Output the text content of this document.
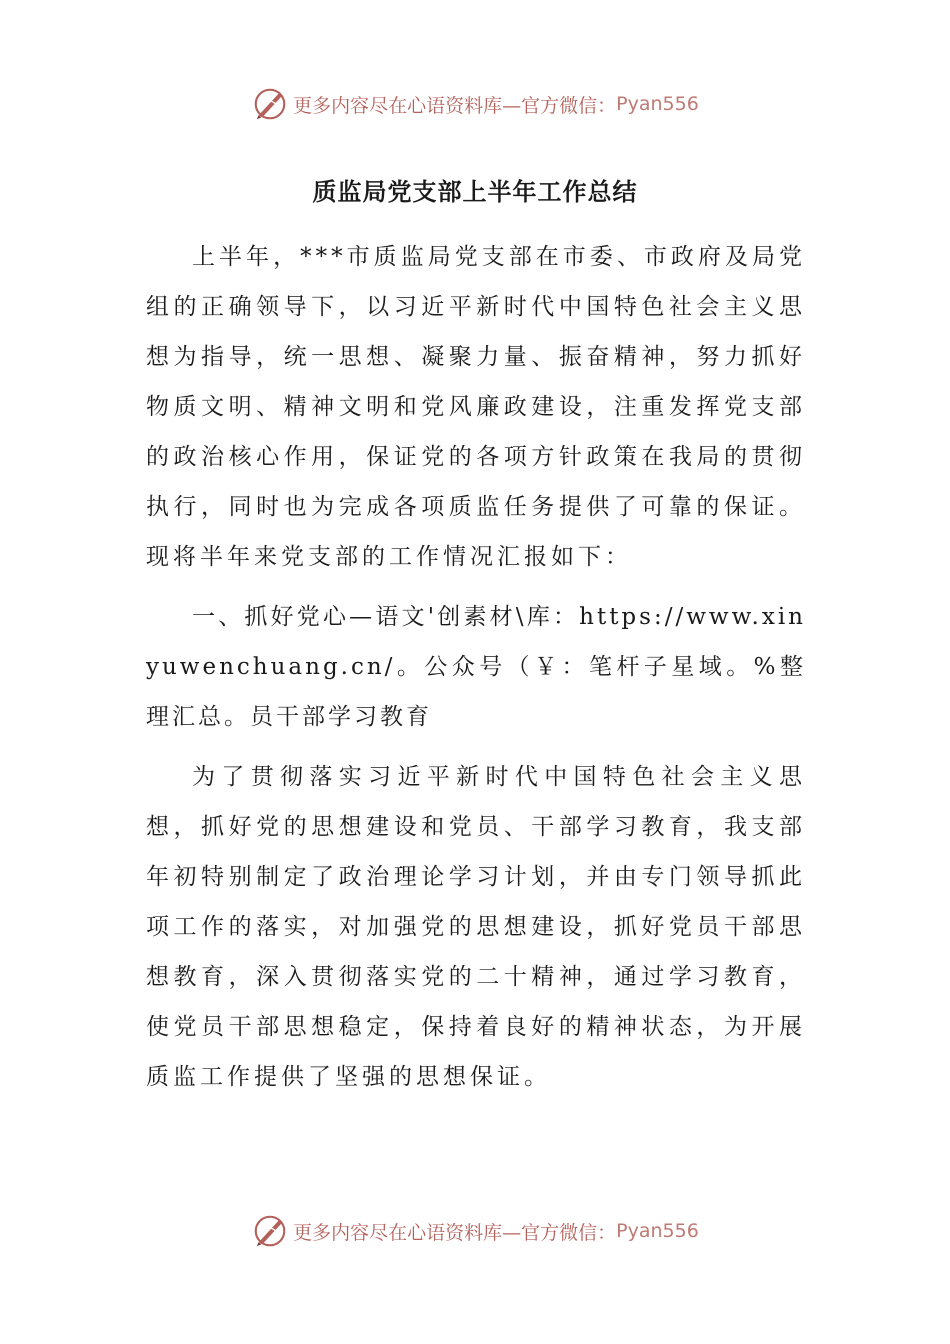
更多内容尽在心语资料库—官方微信： Pyan556
质监局党支部上半年工作总结

上半年，***市质监局党支部在市委、市政府及局党组的正确领导下，以习近平新时代中国特色社会主义思想为指导，统一思想、凝聚力量、振奋精神，努力抓好物质文明、精神文明和党风廉政建设，注重发挥党支部的政治核心作用，保证党的各项方针政策在我局的贯彻执行，同时也为完成各项质监任务提供了可靠的保证。现将半年来党支部的工作情况汇报如下：

一、抓好党心—语文'创素材\库：https://www.xinyuwenchuang.cn/。公众号（￥：笔杆子星域。%整理汇总。员干部学习教育

为了贯彻落实习近平新时代中国特色社会主义思想，抓好党的思想建设和党员、干部学习教育，我支部年初特别制定了政治理论学习计划，并由专门领导抓此项工作的落实，对加强党的思想建设，抓好党员干部思想教育，深入贯彻落实党的二十精神，通过学习教育，使党员干部思想稳定，保持着良好的精神状态，为开展质监工作提供了坚强的思想保证。

更多内容尽在心语资料库—官方微信： Pyan556
